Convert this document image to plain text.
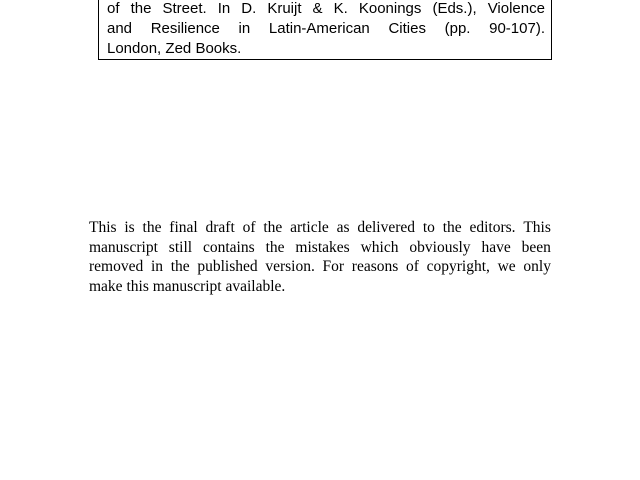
of the Street. In D. Kruijt & K. Koonings (Eds.), Violence
and Resilience in Latin-American Cities (pp. 90-107).
London,
Zed
Books.
This is the final draft of the article as delivered to the editors. This
manuscript still contains the mistakes which obviously have been
removed in the published version. For reasons of copyright, we only
make
this
manuscript
available.
